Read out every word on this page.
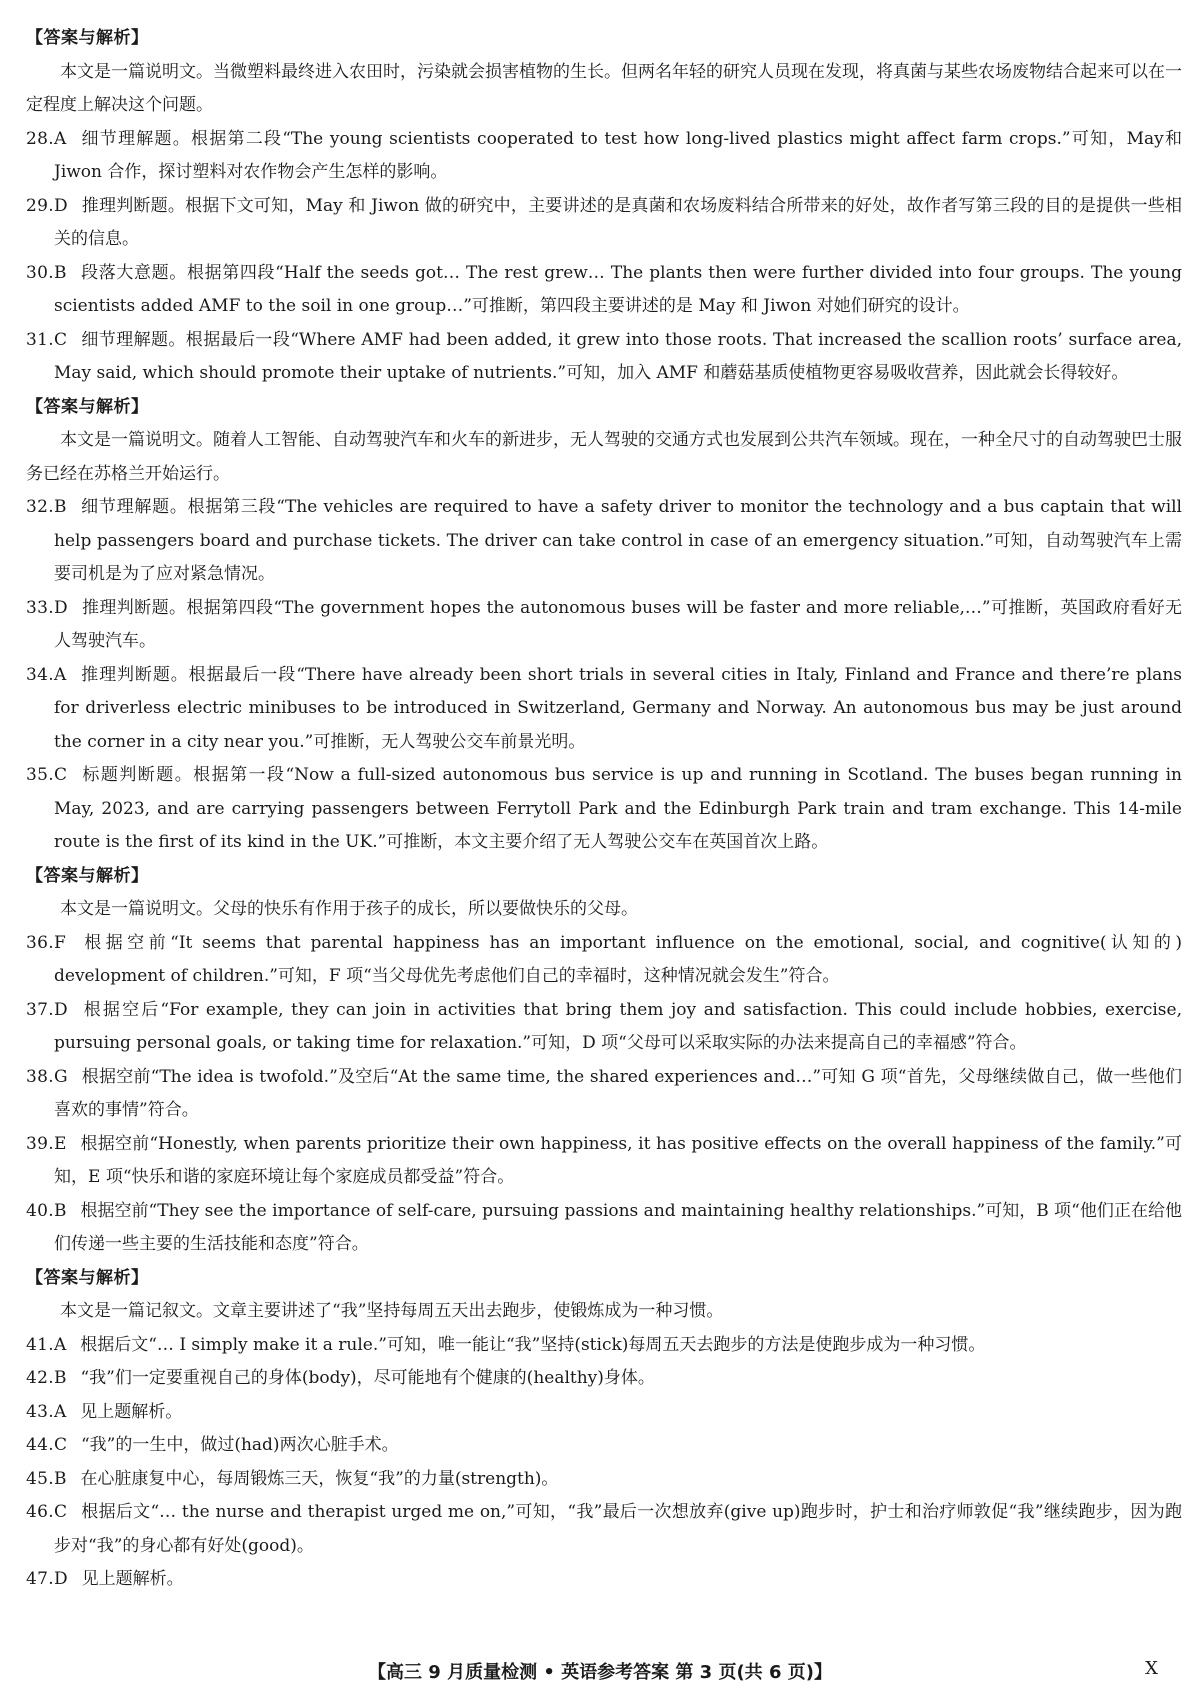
【答案与解析】
本文是一篇说明文。当微塑料最终进入农田时，污染就会损害植物的生长。但两名年轻的研究人员现在发现，将真菌与某些农场废物结合起来可以在一定程度上解决这个问题。
28.A 细节理解题。根据第二段“The young scientists cooperated to test how long-lived plastics might affect farm crops.”可知，May和 Jiwon 合作，探讨塑料对农作物会产生怎样的影响。
29.D 推理判断题。根据下文可知，May 和 Jiwon 做的研究中，主要讲述的是真菌和农场废料结合所带来的好处，故作者写第三段的目的是提供一些相关的信息。
30.B 段落大意题。根据第四段“Half the seeds got… The rest grew… The plants then were further divided into four groups. The young scientists added AMF to the soil in one group…”可推断，第四段主要讲述的是 May 和 Jiwon 对她们研究的设计。
31.C 细节理解题。根据最后一段“Where AMF had been added, it grew into those roots. That increased the scallion roots’ surface area, May said, which should promote their uptake of nutrients.”可知，加入 AMF 和蘑菇基质使植物更容易吸收营养，因此就会长得较好。
【答案与解析】
本文是一篇说明文。随着人工智能、自动驾驶汽车和火车的新进步，无人驾驶的交通方式也发展到公共汽车领域。现在，一种全尺寸的自动驾驶巴士服务已经在苏格兰开始运行。
32.B 细节理解题。根据第三段“The vehicles are required to have a safety driver to monitor the technology and a bus captain that will help passengers board and purchase tickets. The driver can take control in case of an emergency situation.”可知，自动驾驶汽车上需要司机是为了应对紧急情况。
33.D 推理判断题。根据第四段“The government hopes the autonomous buses will be faster and more reliable,…”可推断，英国政府看好无人驾驶汽车。
34.A 推理判断题。根据最后一段“There have already been short trials in several cities in Italy, Finland and France and there’re plans for driverless electric minibuses to be introduced in Switzerland, Germany and Norway. An autonomous bus may be just around the corner in a city near you.”可推断，无人驾驶公交车前景光明。
35.C 标题判断题。根据第一段“Now a full-sized autonomous bus service is up and running in Scotland. The buses began running in May, 2023, and are carrying passengers between Ferrytoll Park and the Edinburgh Park train and tram exchange. This 14-mile route is the first of its kind in the UK.”可推断，本文主要介绍了无人驾驶公交车在英国首次上路。
【答案与解析】
本文是一篇说明文。父母的快乐有作用于孩子的成长，所以要做快乐的父母。
36.F 根据空前“It seems that parental happiness has an important influence on the emotional, social, and cognitive(认知的) development of children.”可知，F 项“当父母优先考虑他们自己的幸福时，这种情况就会发生”符合。
37.D 根据空后“For example, they can join in activities that bring them joy and satisfaction. This could include hobbies, exercise, pursuing personal goals, or taking time for relaxation.”可知，D 项“父母可以采取实际的办法来提高自己的幸福感”符合。
38.G 根据空前“The idea is twofold.”及空后“At the same time, the shared experiences and…”可知 G 项“首先，父母继续做自己，做一些他们喜欢的事情”符合。
39.E 根据空前“Honestly, when parents prioritize their own happiness, it has positive effects on the overall happiness of the family.”可知，E 项“快乐和谐的家庭环境让每个家庭成员都受益”符合。
40.B 根据空前“They see the importance of self-care, pursuing passions and maintaining healthy relationships.”可知，B 项“他们正在给他们传递一些主要的生活技能和态度”符合。
【答案与解析】
本文是一篇记叙文。文章主要讲述了“我”坚持每周五天出去跑步，使锻炼成为一种习惯。
41.A 根据后文“… I simply make it a rule.”可知，唯一能让“我”坚持(stick)每周五天去跑步的方法是使跑步成为一种习惯。
42.B “我”们一定要重视自己的身体(body)，尽可能地有个健康的(healthy)身体。
43.A 见上题解析。
44.C “我”的一生中，做过(had)两次心脏手术。
45.B 在心脏康复中心，每周锻炼三天，恢复“我”的力量(strength)。
46.C 根据后文“… the nurse and therapist urged me on,”可知，“我”最后一次想放弃(give up)跑步时，护士和治疗师敦促“我”继续跑步，因为跑步对“我”的身心都有好处(good)。
47.D 见上题解析。
【高三 9 月质量检测 • 英语参考答案 第 3 页(共 6 页)】	X
